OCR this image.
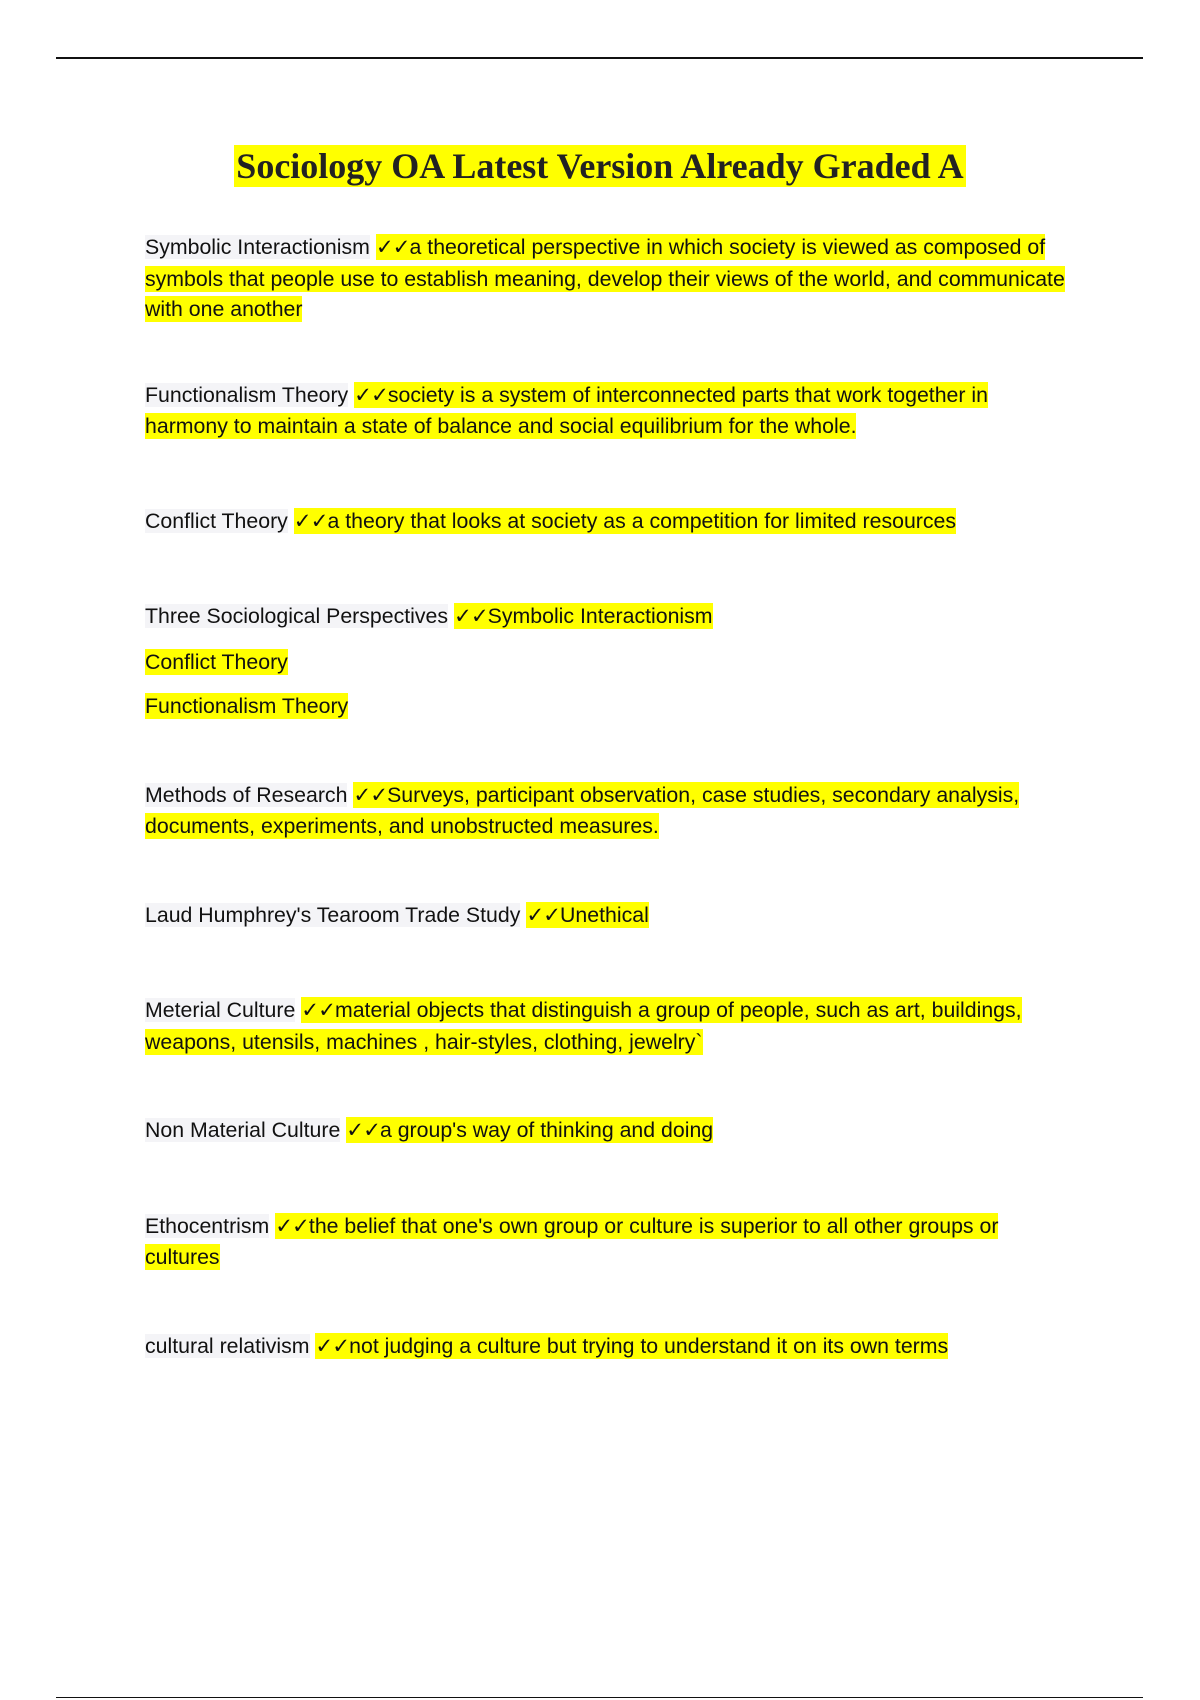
Sociology OA Latest Version Already Graded A

Symbolic Interactionism ✓✓a theoretical perspective in which society is viewed as composed of symbols that people use to establish meaning, develop their views of the world, and communicate with one another

Functionalism Theory ✓✓society is a system of interconnected parts that work together in harmony to maintain a state of balance and social equilibrium for the whole.

Conflict Theory ✓✓a theory that looks at society as a competition for limited resources

Three Sociological Perspectives ✓✓Symbolic Interactionism

Conflict Theory

Functionalism Theory

Methods of Research ✓✓Surveys, participant observation, case studies, secondary analysis, documents, experiments, and unobstructed measures.

Laud Humphrey's Tearoom Trade Study ✓✓Unethical

Meterial Culture ✓✓material objects that distinguish a group of people, such as art, buildings, weapons, utensils, machines , hair-styles, clothing, jewelry`

Non Material Culture ✓✓a group's way of thinking and doing

Ethocentrism ✓✓the belief that one's own group or culture is superior to all other groups or cultures

cultural relativism ✓✓not judging a culture but trying to understand it on its own terms
